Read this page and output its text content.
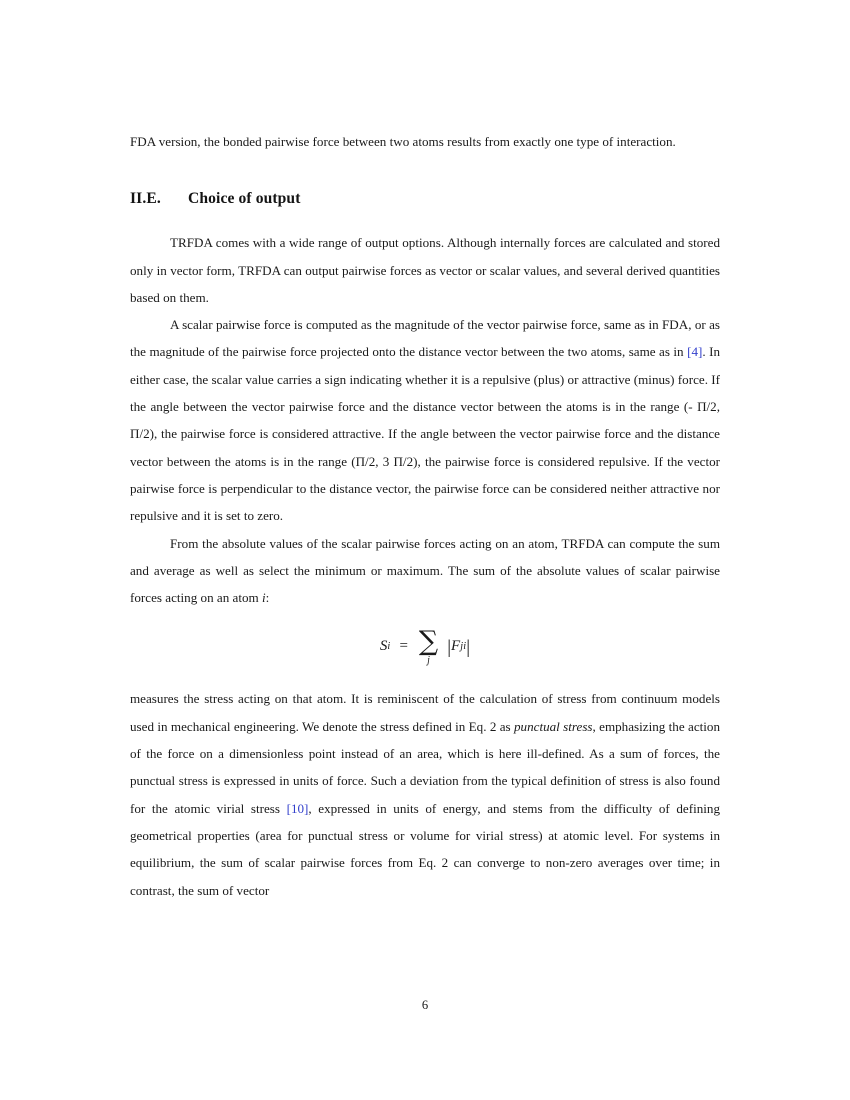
FDA version, the bonded pairwise force between two atoms results from exactly one type of interaction.

II.E. Choice of output

TRFDA comes with a wide range of output options. Although internally forces are calculated and stored only in vector form, TRFDA can output pairwise forces as vector or scalar values, and several derived quantities based on them.

A scalar pairwise force is computed as the magnitude of the vector pairwise force, same as in FDA, or as the magnitude of the pairwise force projected onto the distance vector between the two atoms, same as in [4]. In either case, the scalar value carries a sign indicating whether it is a repulsive (plus) or attractive (minus) force. If the angle between the vector pairwise force and the distance vector between the atoms is in the range (- Π/2, Π/2), the pairwise force is considered attractive. If the angle between the vector pairwise force and the distance vector between the atoms is in the range (Π/2, 3 Π/2), the pairwise force is considered repulsive. If the vector pairwise force is perpendicular to the distance vector, the pairwise force can be considered neither attractive nor repulsive and it is set to zero.

From the absolute values of the scalar pairwise forces acting on an atom, TRFDA can compute the sum and average as well as select the minimum or maximum. The sum of the absolute values of scalar pairwise forces acting on an atom i:

S i = ∑
j
| F ji |

measures the stress acting on that atom. It is reminiscent of the calculation of stress from continuum models used in mechanical engineering. We denote the stress defined in Eq. 2 as punctual stress, emphasizing the action of the force on a dimensionless point instead of an area, which is here ill-defined. As a sum of forces, the punctual stress is expressed in units of force. Such a deviation from the typical definition of stress is also found for the atomic virial stress [10], expressed in units of energy, and stems from the difficulty of defining geometrical properties (area for punctual stress or volume for virial stress) at atomic level. For systems in equilibrium, the sum of scalar pairwise forces from Eq. 2 can converge to non-zero averages over time; in contrast, the sum of vector

6
